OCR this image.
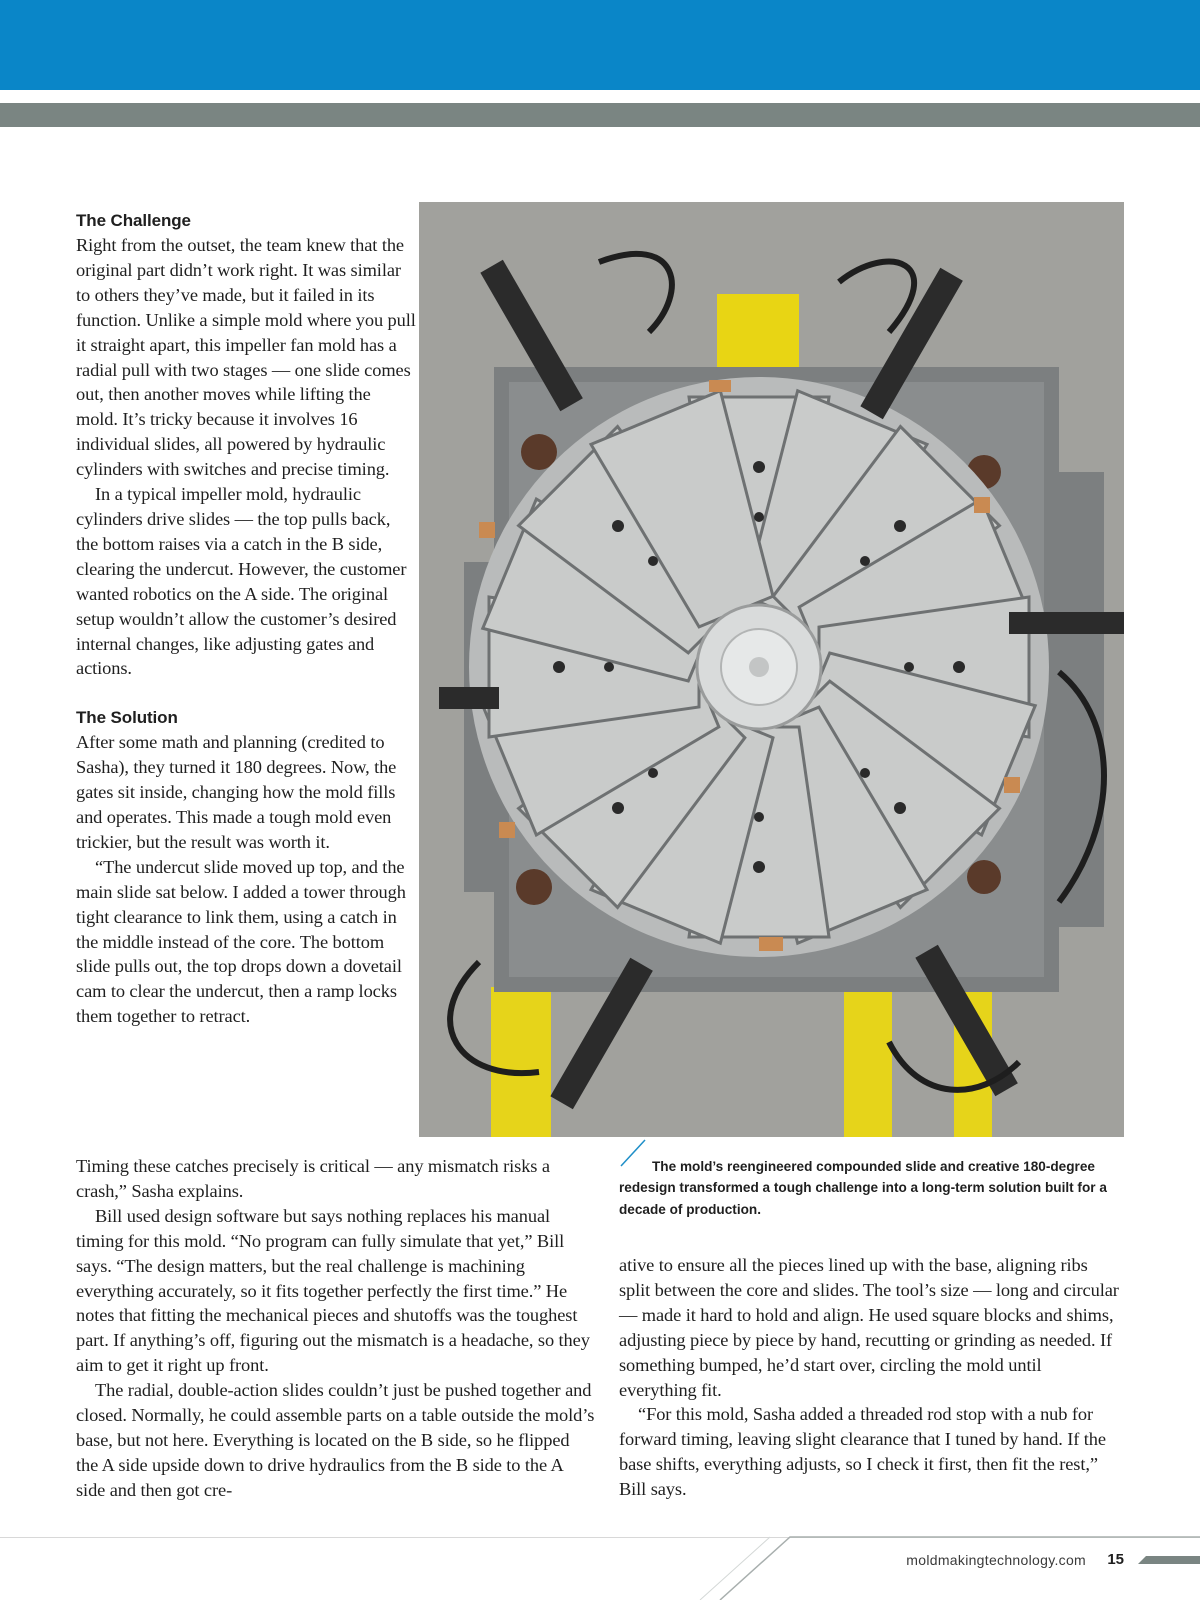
The Challenge

Right from the outset, the team knew that the original part didn’t work right. It was similar to others they’ve made, but it failed in its function. Unlike a simple mold where you pull it straight apart, this impeller fan mold has a radial pull with two stages — one slide comes out, then another moves while lifting the mold. It’s tricky because it involves 16 individual slides, all powered by hydraulic cylinders with switches and precise timing.

In a typical impeller mold, hydraulic cylinders drive slides — the top pulls back, the bottom raises via a catch in the B side, clearing the undercut. However, the customer wanted robotics on the A side. The original setup wouldn’t allow the customer’s desired internal changes, like adjusting gates and actions.

The Solution

After some math and planning (credited to Sasha), they turned it 180 degrees. Now, the gates sit inside, changing how the mold fills and operates. This made a tough mold even trickier, but the result was worth it.

“The undercut slide moved up top, and the main slide sat below. I added a tower through tight clearance to link them, using a catch in the middle instead of the core. The bottom slide pulls out, the top drops down a dovetail cam to clear the undercut, then a ramp locks them together to retract.

Timing these catches precisely is critical — any mismatch risks a crash,” Sasha explains.

Bill used design software but says nothing replaces his manual timing for this mold. “No program can fully simulate that yet,” Bill says. “The design matters, but the real challenge is machining everything accurately, so it fits together perfectly the first time.” He notes that fitting the mechanical pieces and shutoffs was the toughest part. If anything’s off, figuring out the mismatch is a headache, so they aim to get it right up front.

The radial, double-action slides couldn’t just be pushed together and closed. Normally, he could assemble parts on a table outside the mold’s base, but not here. Everything is located on the B side, so he flipped the A side upside down to drive hydraulics from the B side to the A side and then got cre-

The mold’s reengineered compounded slide and creative 180-degree
redesign transformed a tough challenge into a long-term solution built for a decade of production.

ative to ensure all the pieces lined up with the base, aligning ribs split between the core and slides. The tool’s size — long and circular — made it hard to hold and align. He used square blocks and shims, adjusting piece by piece by hand, recutting or grinding as needed. If something bumped, he’d start over, circling the mold until everything fit.

“For this mold, Sasha added a threaded rod stop with a nub for forward timing, leaving slight clearance that I tuned by hand. If the base shifts, everything adjusts, so I check it first, then fit the rest,” Bill says.

moldmakingtechnology.com 15
